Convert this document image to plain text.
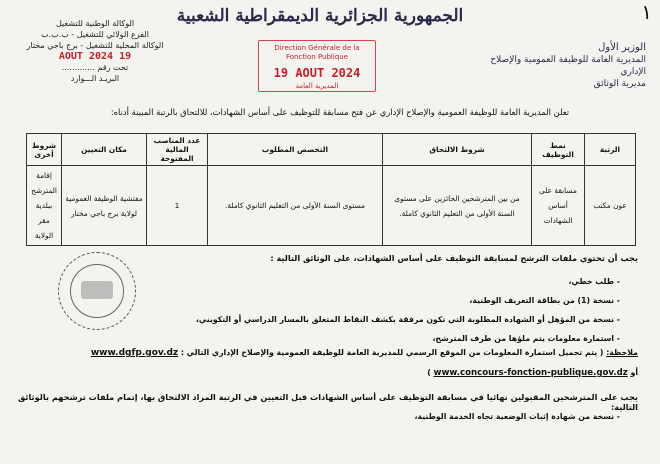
١
الجمهورية الجزائرية الديمقراطية الشعبية
الوزير الأول
المديرية العامة للوظيفة العمومية والإصلاح الإداري
مديرية الوثائق
الوكالة الوطنية للتشغيل
الفرع الولائي للتشغيل - ب.ب.ب
الوكالة المحلية للتشغيل - برج باجي مختار
19 AOUT 2024
تحت رقم .............
البريـد الـــوارد
Direction Générale de la Fonction Publique
19 AOUT 2024
المديرية العامة
تعلن المديرية العامة للوظيفة العمومية والإصلاح الإداري عن فتح مسابقة للتوظيف على أساس الشهادات، للالتحاق بالرتبة المبينة أدناه:
الرتبة	نمط التوظيف	شروط الالتحاق	التخصص المطلوب	عدد المناصب المالية المفتوحة	مكان التعيين	شروط أخرى
عون مكتب	مسابقة على أساس الشهادات	من بين المترشحين الحائزين على مستوى السنة الأولى من التعليم الثانوي كاملة.	مستوى السنة الأولى من التعليم الثانوي كاملة.	1	مفتشية الوظيفة العمومية لولاية برج باجي مختار	إقامة المترشح ببلدية مقر الولاية
يجب أن تحتوي ملفات الترشح لمسابقة التوظيف على أساس الشهادات، على الوثائق التالية :
- طلب خطي،
- نسخة (1) من بطاقة التعريف الوطنية،
- نسخة من المؤهل أو الشهادة المطلوبة التي تكون مرفقة بكشف النقاط المتعلق بالمسار الدراسي أو التكويني،
- استمارة معلومات يتم ملؤها من طرف المترشح،
ملاحظة: ( يتم تحميل استمارة المعلومات من الموقع الرسمي للمديرية العامة للوظيفة العمومية والإصلاح الإداري التالي : www.dgfp.gov.dz
أو www.concours-fonction-publique.gov.dz )
يجب على المترشحين المقبولين نهائيا في مسابقة التوظيف على أساس الشهادات قبل التعيين في الرتبة المراد الالتحاق بها، إتمام ملفات ترشحهم بالوثائق التالية:
- نسخة من شهادة إثبات الوضعية تجاه الخدمة الوطنية،
